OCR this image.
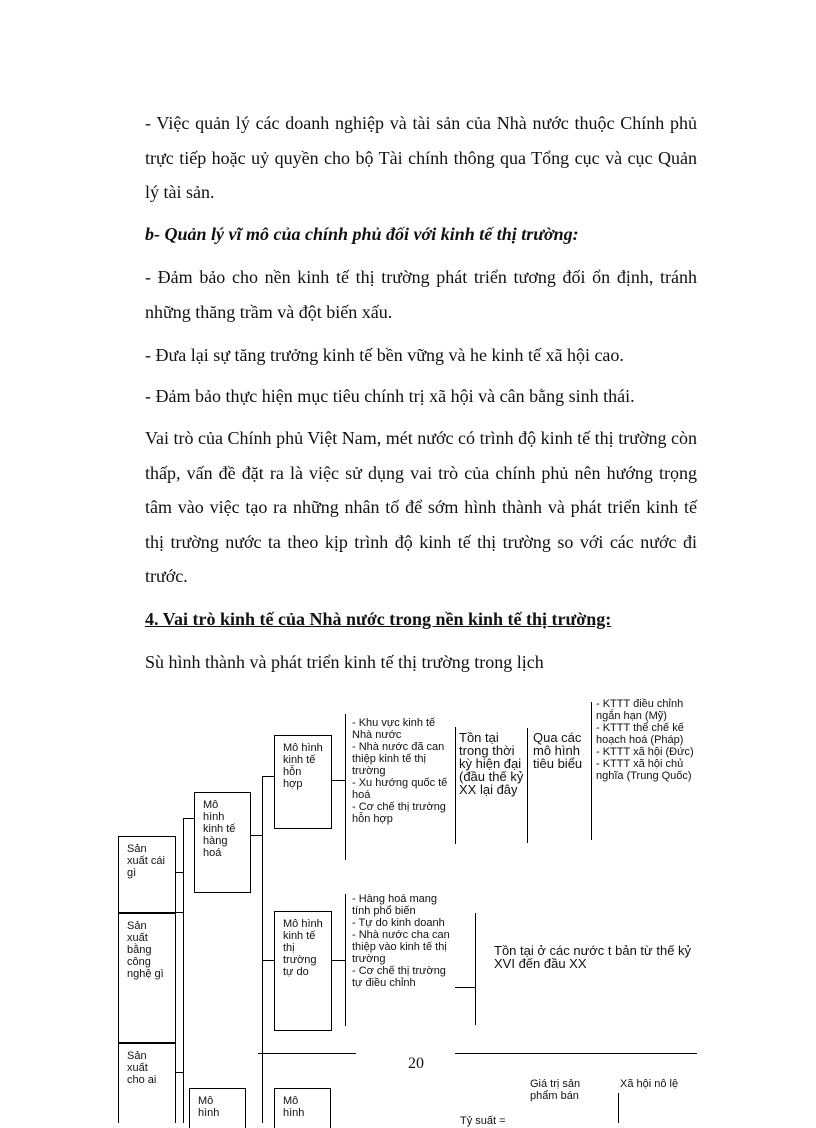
- Việc quản lý các doanh nghiệp và tài sản của Nhà nước thuộc Chính phủ trực tiếp hoặc uỷ quyền cho bộ Tài chính thông qua Tổng cục và cục Quản lý tài sản.
b- Quản lý vĩ mô của chính phủ đối với kinh tế thị trường:
- Đảm bảo cho nền kinh tế thị trường phát triển tương đối ổn định, tránh những thăng trầm và đột biến xấu.
- Đưa lại sự tăng trưởng kinh tế bền vững và he kinh tế xã hội cao.
- Đảm bảo thực hiện mục tiêu chính trị xã hội và cân bằng sinh thái.
Vai trò của Chính phủ Việt Nam, mét nước có trình độ kinh tế thị trường còn thấp, vấn đề đặt ra là việc sử dụng vai trò của chính phủ nên hướng trọng tâm vào việc tạo ra những nhân tố để sớm hình thành và phát triển kinh tế thị trường nước ta theo kịp trình độ kinh tế thị trường so với các nước đi trước.
4. Vai trò kinh tế của Nhà nước trong nền kinh tế thị trường:
Sù hình thành và phát triển kinh tế thị trường trong lịch
Sản xuất cái gì
Sản xuất bằng công nghệ gì
Sản xuất cho ai
Mô hình kinh tế hàng hoá
Mô hình kinh tế hỗn hợp
- Khu vực kinh tế Nhà nước
- Nhà nước đã can thiệp kinh tế thị trường
- Xu hướng quốc tế hoá
- Cơ chế thị trường hỗn hợp
Tồn tại trong thời kỳ hiện đại (đầu thế kỷ XX lại đây
Qua các mô hình tiêu biểu
- KTTT điều chỉnh ngắn hạn (Mỹ)
- KTTT thể chế kế hoạch hoá (Pháp)
- KTTT xã hội (Đức)
- KTTT xã hội chủ nghĩa (Trung Quốc)
Mô hình kinh tế thị trường tự do
- Hàng hoá mang tính phổ biến
- Tự do kinh doanh
- Nhà nước cha can thiệp vào kinh tế thị trường
- Cơ chế thị trường tự điều chỉnh
Tồn tại ở các nước t bản từ thế kỷ XVI đến đầu XX
Mô hình
Mô hình
Giá trị sản phẩm bán
Xã hội nô lệ
Tỷ suất =
20
